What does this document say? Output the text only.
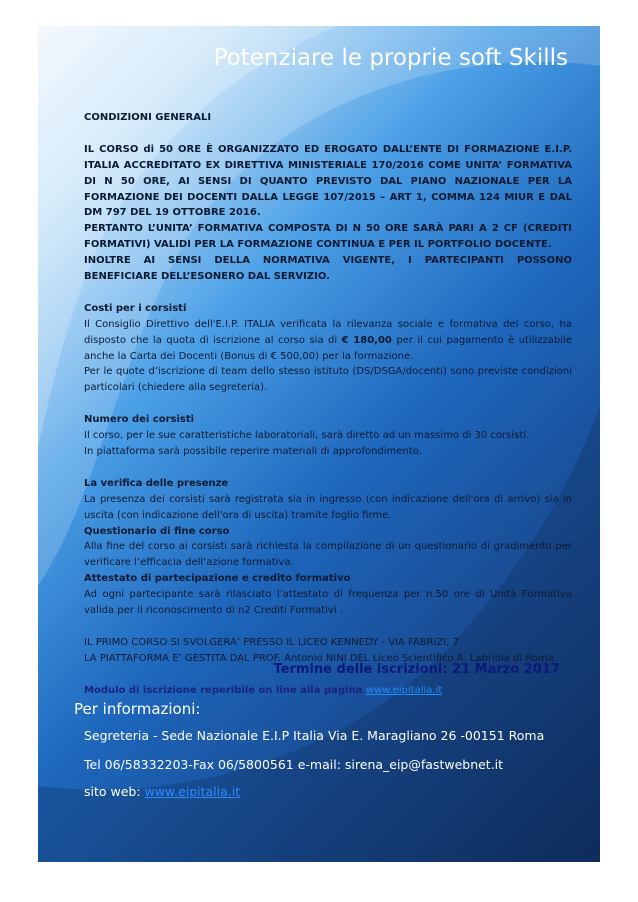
Potenziare le proprie soft Skills

CONDIZIONI GENERALI

IL CORSO di 50 ORE È ORGANIZZATO ED EROGATO DALL’ENTE DI FORMAZIONE E.I.P. ITALIA ACCREDITATO EX DIRETTIVA MINISTERIALE 170/2016 COME UNITA’ FORMATIVA DI N 50 ORE, AI SENSI DI QUANTO PREVISTO DAL PIANO NAZIONALE PER LA FORMAZIONE DEI DOCENTI DALLA LEGGE 107/2015 – ART 1, COMMA 124 MIUR E DAL DM 797 DEL 19 OTTOBRE 2016.

PERTANTO L’UNITA’ FORMATIVA COMPOSTA DI N 50 ORE SARÀ PARI A 2 CF (CREDITI FORMATIVI) VALIDI PER LA FORMAZIONE CONTINUA E PER IL PORTFOLIO DOCENTE.

INOLTRE AI SENSI DELLA NORMATIVA VIGENTE, I PARTECIPANTI POSSONO BENEFICIARE DELL’ESONERO DAL SERVIZIO.

Costi per i corsisti

Il Consiglio Direttivo dell'E.I.P. ITALIA verificata la rilevanza sociale e formativa del corso, ha disposto che la quota di iscrizione al corso sia di € 180,00 per il cui pagamento è utilizzabile anche la Carta dei Docenti (Bonus di € 500,00) per la formazione.

Per le quote d’iscrizione di team dello stesso istituto (DS/DSGA/docenti) sono previste condizioni particolari (chiedere alla segreteria).

Numero dei corsisti

Il corso, per le sue caratteristiche laboratoriali, sarà diretto ad un massimo di 30 corsisti.

In piattaforma sarà possibile reperire materiali di approfondimento.

La verifica delle presenze

La presenza dei corsisti sarà registrata sia in ingresso (con indicazione dell'ora di arrivo) sia in uscita (con indicazione dell'ora di uscita) tramite foglio firme.

Questionario di fine corso

Alla fine del corso ai corsisti sarà richiesta la compilazione di un questionario di gradimento per verificare l’efficacia dell’azione formativa.

Attestato di partecipazione e credito formativo

Ad ogni partecipante sarà rilasciato l’attestato di frequenza per n.50 ore di Unità Formativa valida per il riconoscimento di n2 Crediti Formativi .

IL PRIMO CORSO SI SVOLGERA’ PRESSO IL LICEO KENNEDY - VIA FABRIZI, 7

LA PIATTAFORMA E’ GESTITA DAL PROF. Antonio NINI DEL Liceo Scientifico A. Labriola di Roma.

Modulo di iscrizione reperibile on line alla pagina www.eipitalia.it

Termine delle iscrizioni: 21 Marzo 2017
Per informazioni:
Segreteria - Sede Nazionale E.I.P Italia Via E. Maragliano 26 -00151 Roma
Tel 06/58332203-Fax 06/5800561 e-mail: sirena_eip@fastwebnet.it
sito web: www.eipitalia.it
